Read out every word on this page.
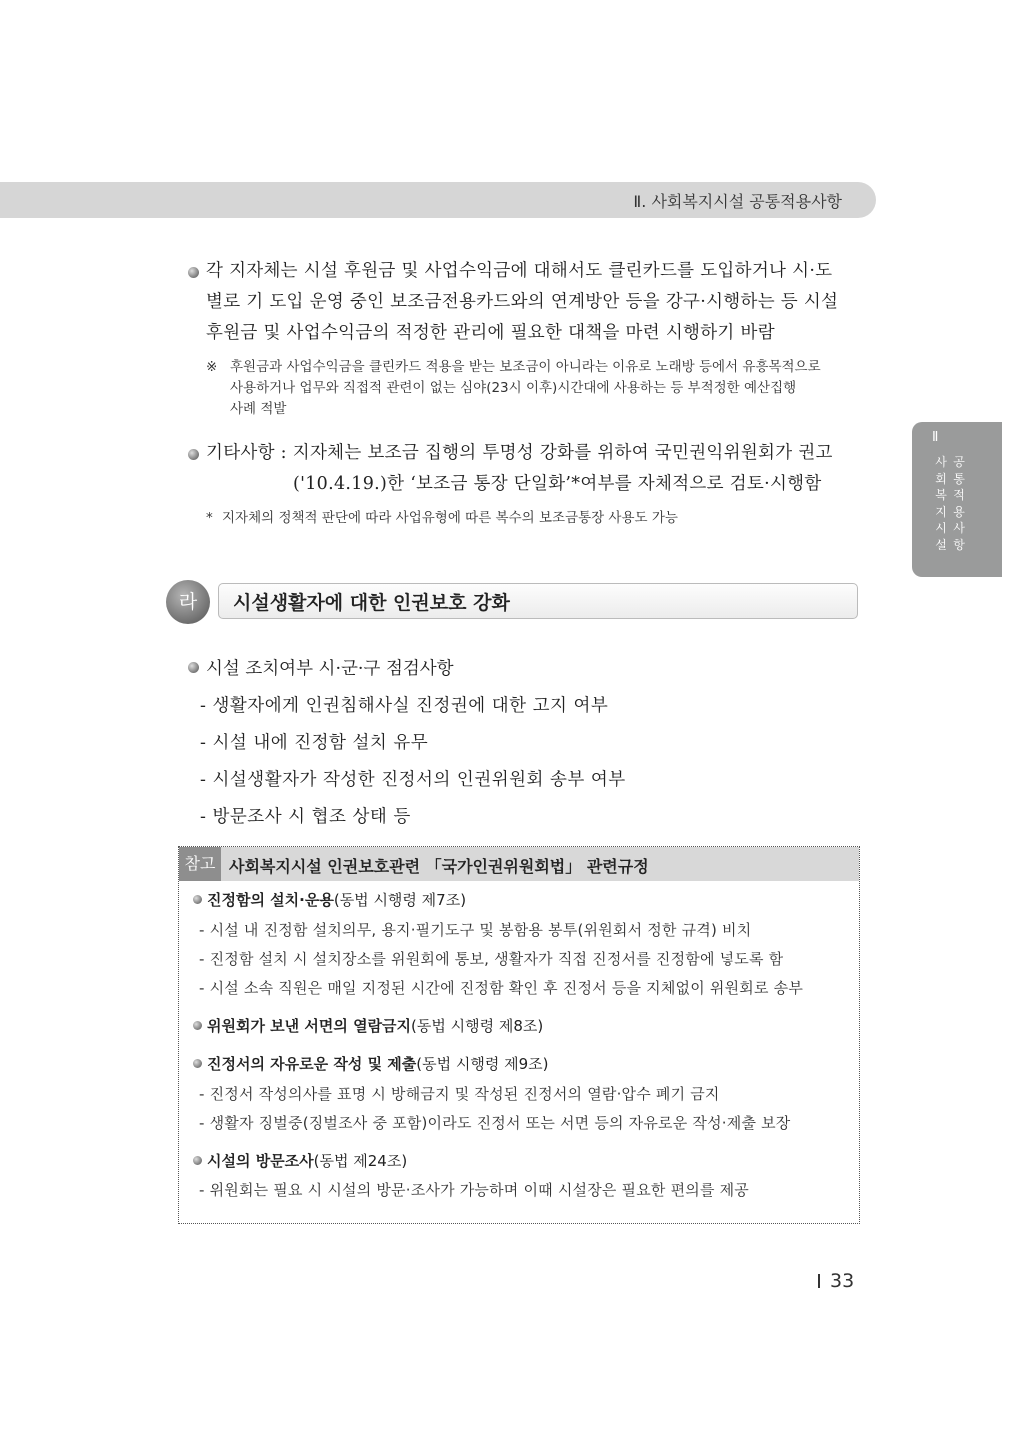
Ⅱ. 사회복지시설 공통적용사항
Ⅱ
사
회
복
지
시
설
공
통
적
용
사
항
각 지자체는 시설 후원금 및 사업수익금에 대해서도 클린카드를 도입하거나 시·도
별로 기 도입 운영 중인 보조금전용카드와의 연계방안 등을 강구·시행하는 등 시설
후원금 및 사업수익금의 적정한 관리에 필요한 대책을 마련 시행하기 바람
※ 후원금과 사업수익금을 클린카드 적용을 받는 보조금이 아니라는 이유로 노래방 등에서 유흥목적으로
사용하거나 업무와 직접적 관련이 없는 심야(23시 이후)시간대에 사용하는 등 부적정한 예산집행
사례 적발
기타사항 : 지자체는 보조금 집행의 투명성 강화를 위하여 국민권익위원회가 권고
('10.4.19.)한 ‘보조금 통장 단일화’*여부를 자체적으로 검토·시행함
* 지자체의 정책적 판단에 따라 사업유형에 따른 복수의 보조금통장 사용도 가능
라	시설생활자에 대한 인권보호 강화
시설 조치여부 시·군·구 점검사항
- 생활자에게 인권침해사실 진정권에 대한 고지 여부
- 시설 내에 진정함 설치 유무
- 시설생활자가 작성한 진정서의 인권위원회 송부 여부
- 방문조사 시 협조 상태 등
참고 사회복지시설 인권보호관련 「국가인권위원회법」 관련규정
진정함의 설치·운용(동법 시행령 제7조)
- 시설 내 진정함 설치의무, 용지·필기도구 및 봉함용 봉투(위원회서 정한 규격) 비치
- 진정함 설치 시 설치장소를 위원회에 통보, 생활자가 직접 진정서를 진정함에 넣도록 함
- 시설 소속 직원은 매일 지정된 시간에 진정함 확인 후 진정서 등을 지체없이 위원회로 송부
위원회가 보낸 서면의 열람금지(동법 시행령 제8조)
진정서의 자유로운 작성 및 제출(동법 시행령 제9조)
- 진정서 작성의사를 표명 시 방해금지 및 작성된 진정서의 열람·압수 폐기 금지
- 생활자 징벌중(징벌조사 중 포함)이라도 진정서 또는 서면 등의 자유로운 작성·제출 보장
시설의 방문조사(동법 제24조)
- 위원회는 필요 시 시설의 방문·조사가 가능하며 이때 시설장은 필요한 편의를 제공
33
